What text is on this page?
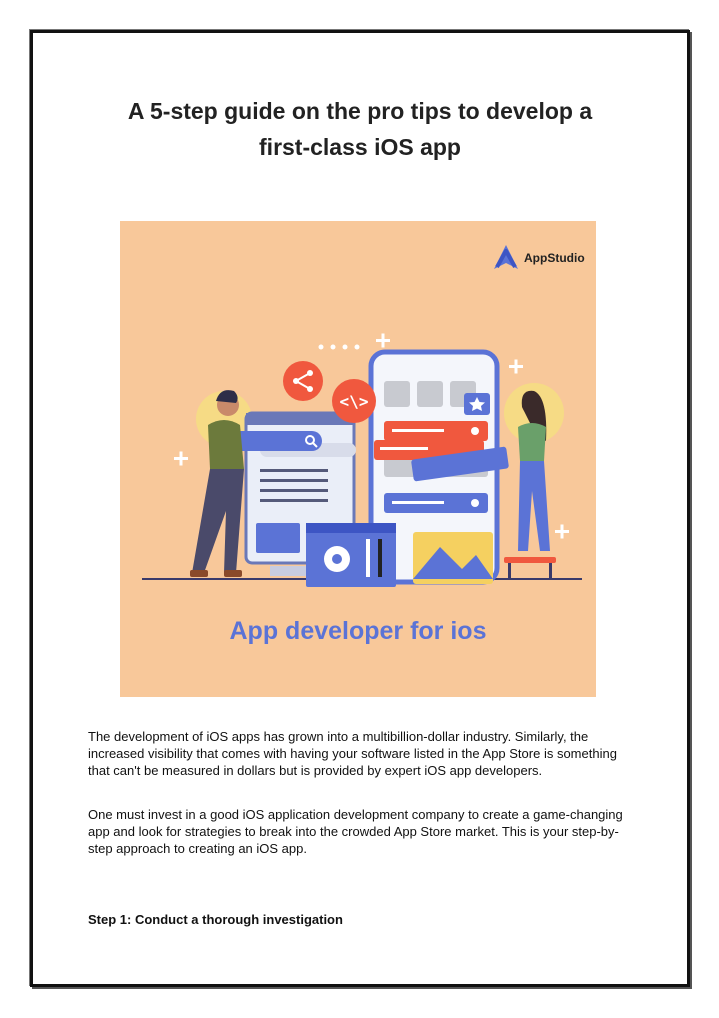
A 5-step guide on the pro tips to develop a
first-class iOS app
AppStudio
<\>
App developer for ios

The development of iOS apps has grown into a multibillion-dollar industry. Similarly, the increased visibility that comes with having your software listed in the App Store is something that can't be measured in dollars but is provided by expert iOS app developers.

One must invest in a good iOS application development company to create a game-changing app and look for strategies to break into the crowded App Store market. This is your step-by-step approach to creating an iOS app.

Step 1: Conduct a thorough investigation
